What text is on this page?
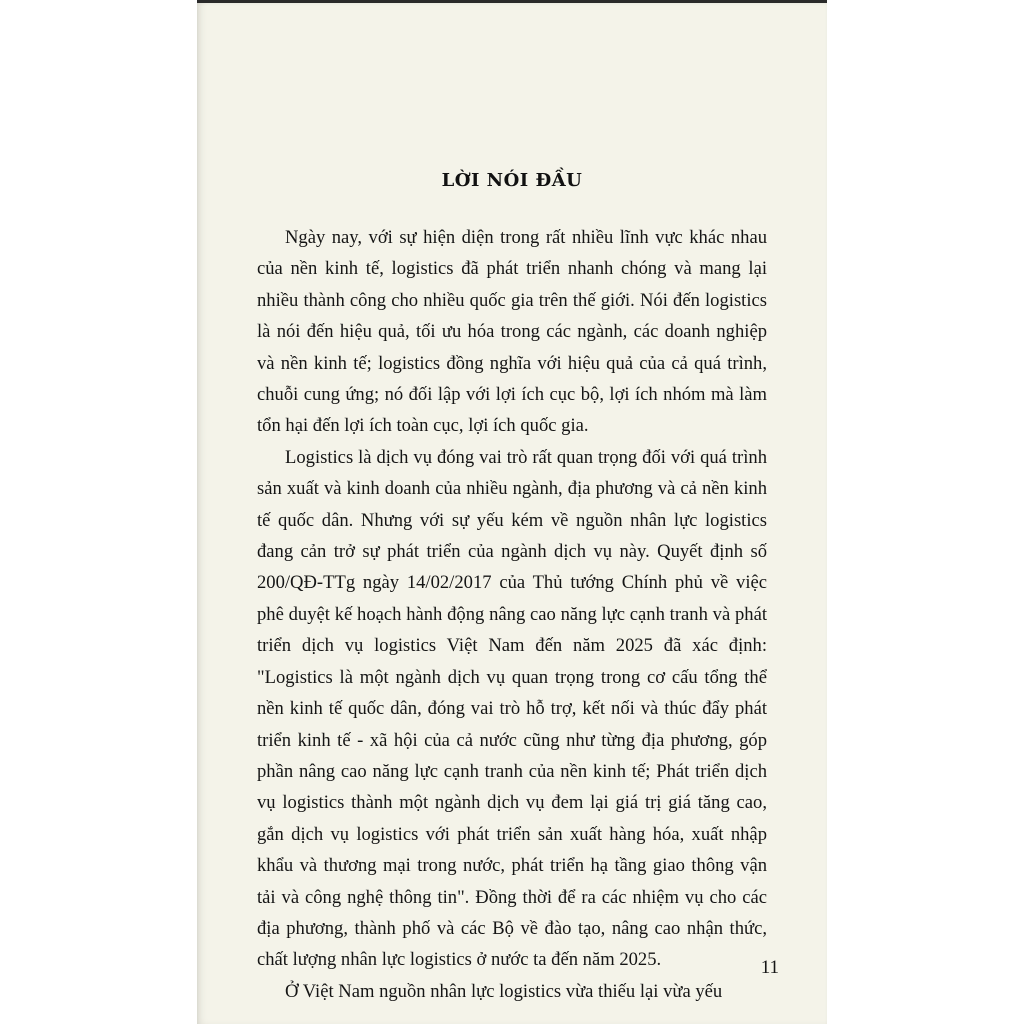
LỜI NÓI ĐẦU

Ngày nay, với sự hiện diện trong rất nhiều lĩnh vực khác nhau của nền kinh tế, logistics đã phát triển nhanh chóng và mang lại nhiều thành công cho nhiều quốc gia trên thế giới. Nói đến logistics là nói đến hiệu quả, tối ưu hóa trong các ngành, các doanh nghiệp và nền kinh tế; logistics đồng nghĩa với hiệu quả của cả quá trình, chuỗi cung ứng; nó đối lập với lợi ích cục bộ, lợi ích nhóm mà làm tổn hại đến lợi ích toàn cục, lợi ích quốc gia.

Logistics là dịch vụ đóng vai trò rất quan trọng đối với quá trình sản xuất và kinh doanh của nhiều ngành, địa phương và cả nền kinh tế quốc dân. Nhưng với sự yếu kém về nguồn nhân lực logistics đang cản trở sự phát triển của ngành dịch vụ này. Quyết định số 200/QĐ-TTg ngày 14/02/2017 của Thủ tướng Chính phủ về việc phê duyệt kế hoạch hành động nâng cao năng lực cạnh tranh và phát triển dịch vụ logistics Việt Nam đến năm 2025 đã xác định: "Logistics là một ngành dịch vụ quan trọng trong cơ cấu tổng thể nền kinh tế quốc dân, đóng vai trò hỗ trợ, kết nối và thúc đẩy phát triển kinh tế - xã hội của cả nước cũng như từng địa phương, góp phần nâng cao năng lực cạnh tranh của nền kinh tế; Phát triển dịch vụ logistics thành một ngành dịch vụ đem lại giá trị giá tăng cao, gắn dịch vụ logistics với phát triển sản xuất hàng hóa, xuất nhập khẩu và thương mại trong nước, phát triển hạ tầng giao thông vận tải và công nghệ thông tin". Đồng thời để ra các nhiệm vụ cho các địa phương, thành phố và các Bộ về đào tạo, nâng cao nhận thức, chất lượng nhân lực logistics ở nước ta đến năm 2025.

Ở Việt Nam nguồn nhân lực logistics vừa thiếu lại vừa yếu

11
